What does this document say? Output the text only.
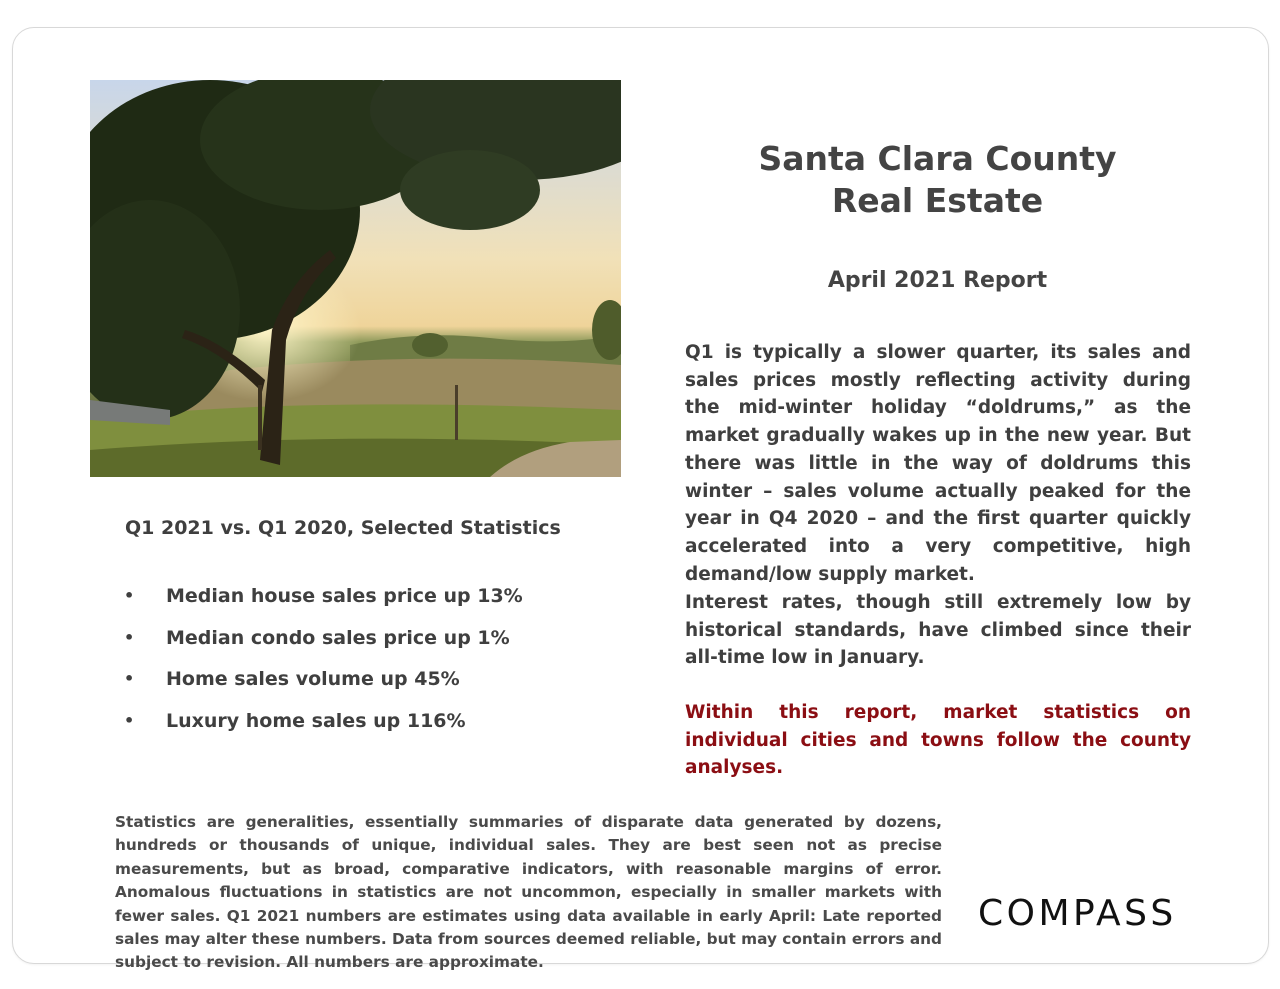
Santa Clara County
Real Estate
April 2021 Report
Q1 is typically a slower quarter, its sales and sales prices mostly reflecting activity during the mid-winter holiday “doldrums,” as the market gradually wakes up in the new year. But there was little in the way of doldrums this winter – sales volume actually peaked for the year in Q4 2020 – and the first quarter quickly accelerated into a very competitive, high demand/low supply market.
Interest rates, though still extremely low by historical standards, have climbed since their all-time low in January.
Within this report, market statistics on individual cities and towns follow the county analyses.
Q1 2021 vs. Q1 2020, Selected Statistics
• Median house sales price up 13%
• Median condo sales price up 1%
• Home sales volume up 45%
• Luxury home sales up 116%
Statistics are generalities, essentially summaries of disparate data generated by dozens, hundreds or thousands of unique, individual sales. They are best seen not as precise measurements, but as broad, comparative indicators, with reasonable margins of error. Anomalous fluctuations in statistics are not uncommon, especially in smaller markets with fewer sales. Q1 2021 numbers are estimates using data available in early April: Late reported sales may alter these numbers. Data from sources deemed reliable, but may contain errors and subject to revision. All numbers are approximate.
COMPASS
